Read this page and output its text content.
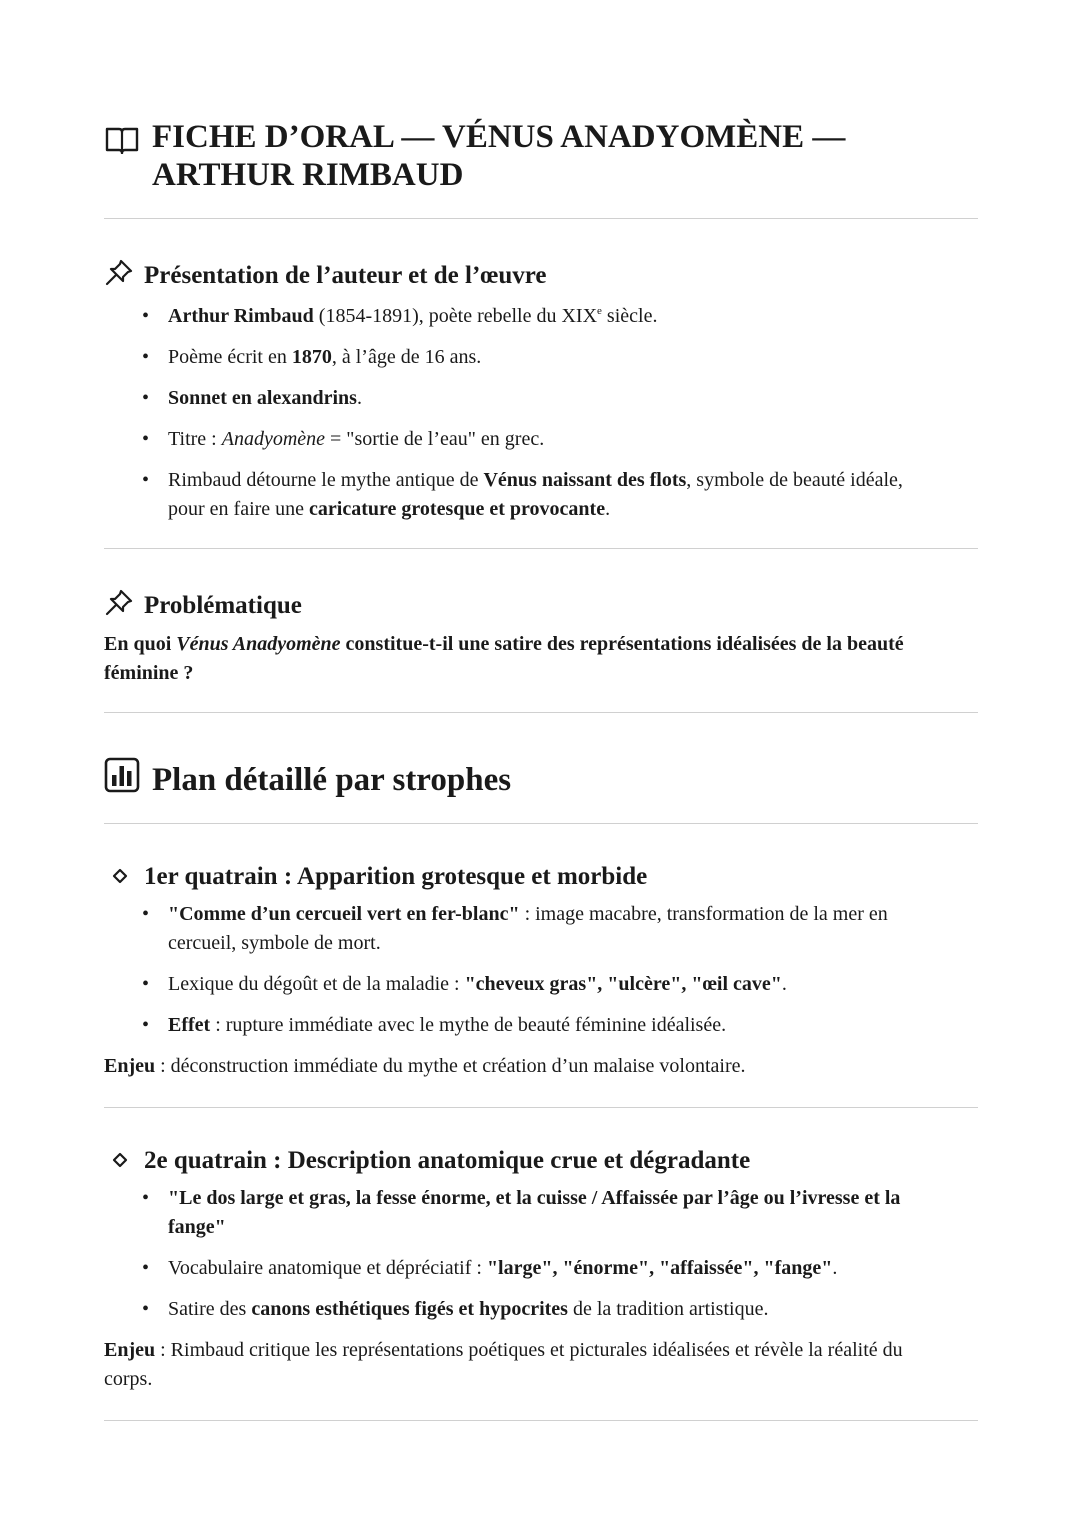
FICHE D’ORAL — VÉNUS ANADYOMÈNE —
ARTHUR RIMBAUD
Présentation de l’auteur et de l’œuvre
• Arthur Rimbaud (1854-1891), poète rebelle du XIXe siècle.
• Poème écrit en 1870, à l’âge de 16 ans.
• Sonnet en alexandrins.
• Titre : Anadyomène = "sortie de l’eau" en grec.
• Rimbaud détourne le mythe antique de Vénus naissant des flots, symbole de beauté idéale,
pour en faire une caricature grotesque et provocante.
Problématique

En quoi Vénus Anadyomène constitue-t-il une satire des représentations idéalisées de la beauté
féminine ?

Plan détaillé par strophes
1er quatrain : Apparition grotesque et morbide
• "Comme d’un cercueil vert en fer-blanc" : image macabre, transformation de la mer en
cercueil, symbole de mort.
• Lexique du dégoût et de la maladie : "cheveux gras", "ulcère", "œil cave".
• Effet : rupture immédiate avec le mythe de beauté féminine idéalisée.

Enjeu : déconstruction immédiate du mythe et création d’un malaise volontaire.

2e quatrain : Description anatomique crue et dégradante
• "Le dos large et gras, la fesse énorme, et la cuisse / Affaissée par l’âge ou l’ivresse et la
fange"
• Vocabulaire anatomique et dépréciatif : "large", "énorme", "affaissée", "fange".
• Satire des canons esthétiques figés et hypocrites de la tradition artistique.

Enjeu : Rimbaud critique les représentations poétiques et picturales idéalisées et révèle la réalité du
corps.
